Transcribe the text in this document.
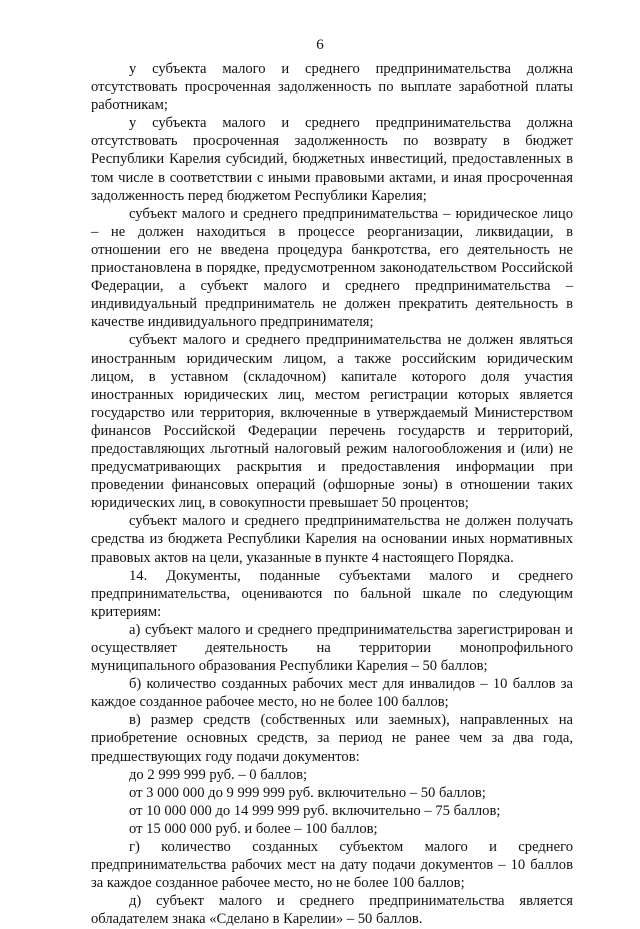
6

у субъекта малого и среднего предпринимательства должна отсутствовать просроченная задолженность по выплате заработной платы работникам;

у субъекта малого и среднего предпринимательства должна отсутствовать просроченная задолженность по возврату в бюджет Республики Карелия субсидий, бюджетных инвестиций, предоставленных в том числе в соответствии с иными правовыми актами, и иная просроченная задолженность перед бюджетом Республики Карелия;

субъект малого и среднего предпринимательства – юридическое лицо – не должен находиться в процессе реорганизации, ликвидации, в отношении его не введена процедура банкротства, его деятельность не приостановлена в порядке, предусмотренном законодательством Российской Федерации, а субъект малого и среднего предпринимательства – индивидуальный предприниматель не должен прекратить деятельность в качестве индивидуального предпринимателя;

субъект малого и среднего предпринимательства не должен являться иностранным юридическим лицом, а также российским юридическим лицом, в уставном (складочном) капитале которого доля участия иностранных юридических лиц, местом регистрации которых является государство или территория, включенные в утверждаемый Министерством финансов Российской Федерации перечень государств и территорий, предоставляющих льготный налоговый режим налогообложения и (или) не предусматривающих раскрытия и предоставления информации при проведении финансовых операций (офшорные зоны) в отношении таких юридических лиц, в совокупности превышает 50 процентов;

субъект малого и среднего предпринимательства не должен получать средства из бюджета Республики Карелия на основании иных нормативных правовых актов на цели, указанные в пункте 4 настоящего Порядка.

14. Документы, поданные субъектами малого и среднего предпринимательства, оцениваются по бальной шкале по следующим критериям:

а) субъект малого и среднего предпринимательства зарегистрирован и осуществляет деятельность на территории монопрофильного муниципального образования Республики Карелия – 50 баллов;

б) количество созданных рабочих мест для инвалидов – 10 баллов за каждое созданное рабочее место, но не более 100 баллов;

в) размер средств (собственных или заемных), направленных на приобретение основных средств, за период не ранее чем за два года, предшествующих году подачи документов:

до 2 999 999 руб. – 0 баллов;

от 3 000 000 до 9 999 999 руб. включительно – 50 баллов;

от 10 000 000 до 14 999 999 руб. включительно – 75 баллов;

от 15 000 000 руб. и более – 100 баллов;

г) количество созданных субъектом малого и среднего предпринимательства рабочих мест на дату подачи документов – 10 баллов за каждое созданное рабочее место, но не более 100 баллов;

д) субъект малого и среднего предпринимательства является обладателем знака «Сделано в Карелии» – 50 баллов.
